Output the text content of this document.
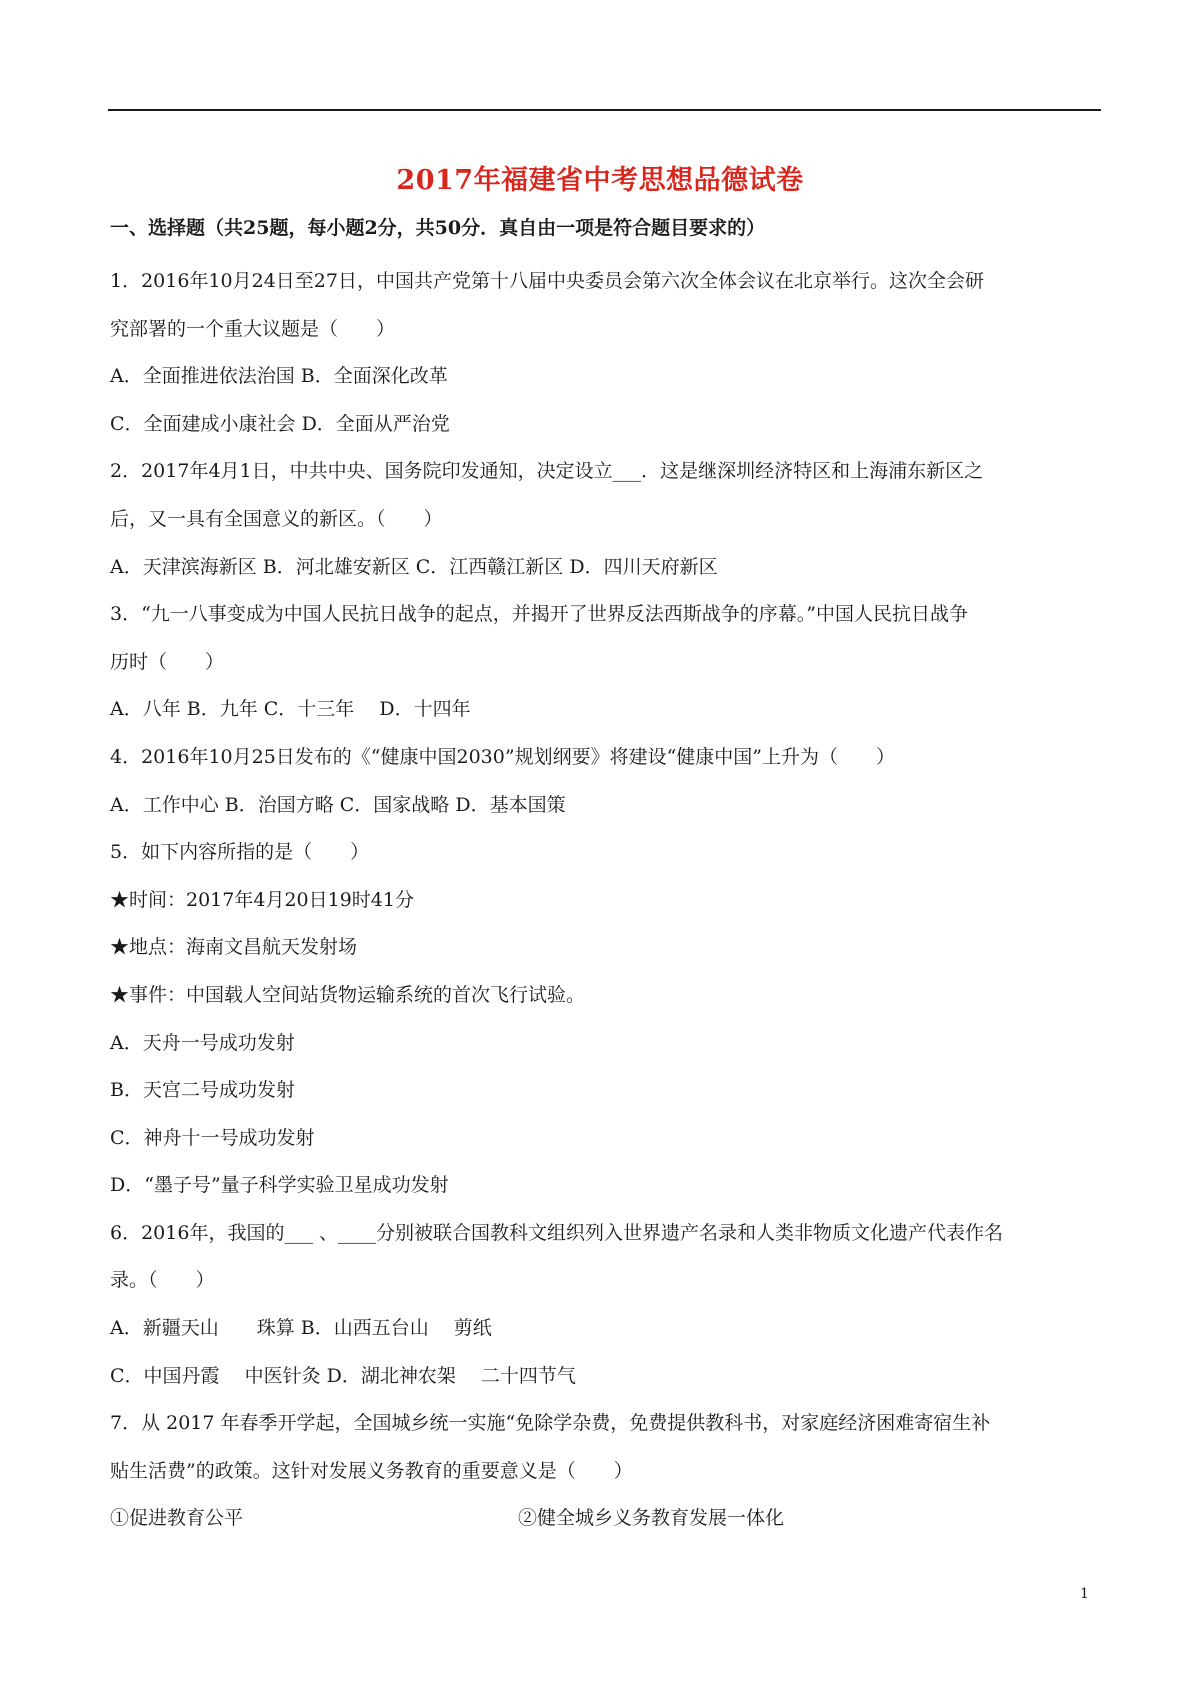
2017年福建省中考思想品德试卷
一、选择题（共25题，每小题2分，共50分．真自由一项是符合题目要求的）
1．2016年10月24日至27日，中国共产党第十八届中央委员会第六次全体会议在北京举行。这次全会研
究部署的一个重大议题是（　　）
A．全面推进依法治国 B．全面深化改革
C．全面建成小康社会 D．全面从严治党
2．2017年4月1日，中共中央、国务院印发通知，决定设立___．这是继深圳经济特区和上海浦东新区之
后，又一具有全国意义的新区。（　　）
A．天津滨海新区 B．河北雄安新区 C．江西赣江新区 D．四川天府新区
3．“九一八事变成为中国人民抗日战争的起点，并揭开了世界反法西斯战争的序幕。”中国人民抗日战争
历时（　　）
A．八年 B．九年 C．十三年　 D．十四年
4．2016年10月25日发布的《“健康中国2030”规划纲要》将建设“健康中国”上升为（　　）
A．工作中心 B．治国方略 C．国家战略 D．基本国策
5．如下内容所指的是（　　）
★时间：2017年4月20日19时41分
★地点：海南文昌航天发射场
★事件：中国载人空间站货物运输系统的首次飞行试验。
A．天舟一号成功发射
B．天宫二号成功发射
C．神舟十一号成功发射
D．“墨子号”量子科学实验卫星成功发射
6．2016年，我国的___ 、____分别被联合国教科文组织列入世界遗产名录和人类非物质文化遗产代表作名
录。（　　）
A．新疆天山　　珠算 B．山西五台山　 剪纸
C．中国丹霞　 中医针灸 D．湖北神农架　 二十四节气
7．从 2017 年春季开学起，全国城乡统一实施“免除学杂费，免费提供教科书，对家庭经济困难寄宿生补
贴生活费”的政策。这针对发展义务教育的重要意义是（　　）
①促进教育公平	②健全城乡义务教育发展一体化
1
